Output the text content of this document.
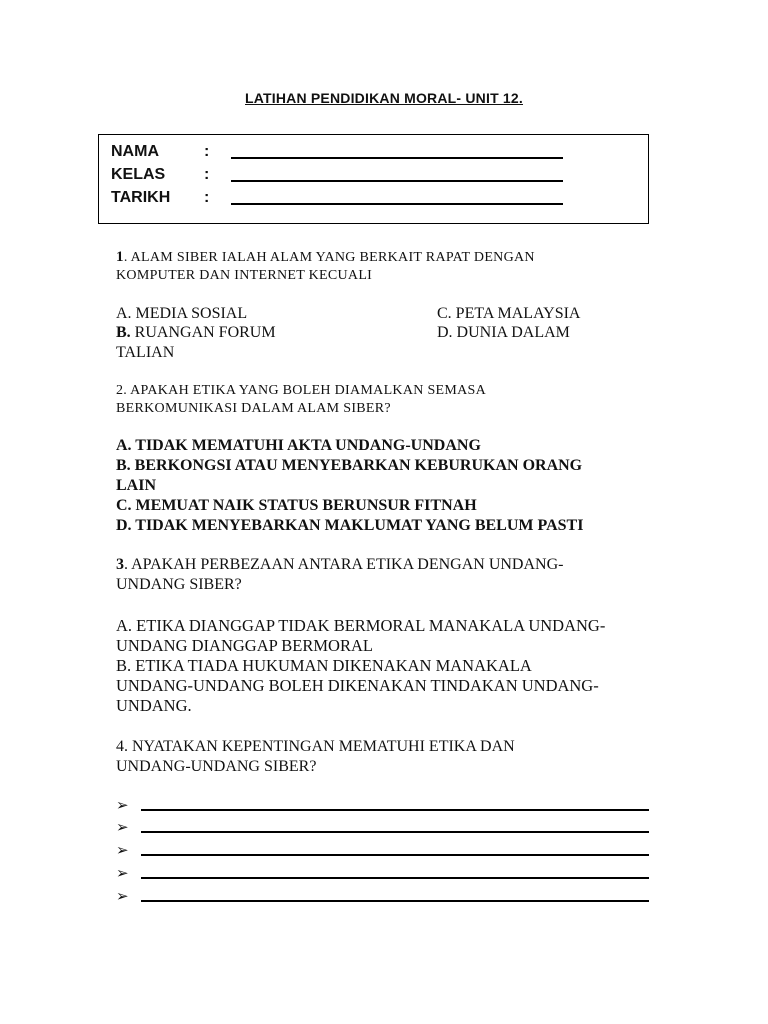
LATIHAN PENDIDIKAN MORAL- UNIT 12.
NAMA	:
KELAS :
TARIKH :
1. ALAM SIBER IALAH ALAM YANG BERKAIT RAPAT DENGAN
KOMPUTER DAN INTERNET KECUALI
A. MEDIA SOSIAL	C. PETA MALAYSIA
B. RUANGAN FORUM	D. DUNIA DALAM
TALIAN
2. APAKAH ETIKA YANG BOLEH DIAMALKAN SEMASA
BERKOMUNIKASI DALAM ALAM SIBER?
A. TIDAK MEMATUHI AKTA UNDANG-UNDANG
B. BERKONGSI ATAU MENYEBARKAN KEBURUKAN ORANG
LAIN
C. MEMUAT NAIK STATUS BERUNSUR FITNAH
D. TIDAK MENYEBARKAN MAKLUMAT YANG BELUM PASTI
3. APAKAH PERBEZAAN ANTARA ETIKA DENGAN UNDANG-
UNDANG SIBER?
A. ETIKA DIANGGAP TIDAK BERMORAL MANAKALA UNDANG-
UNDANG DIANGGAP BERMORAL
B. ETIKA TIADA HUKUMAN DIKENAKAN MANAKALA
UNDANG-UNDANG BOLEH DIKENAKAN TINDAKAN UNDANG-
UNDANG.
4. NYATAKAN KEPENTINGAN MEMATUHI ETIKA DAN
UNDANG-UNDANG SIBER?
➢
➢
➢
➢
➢
